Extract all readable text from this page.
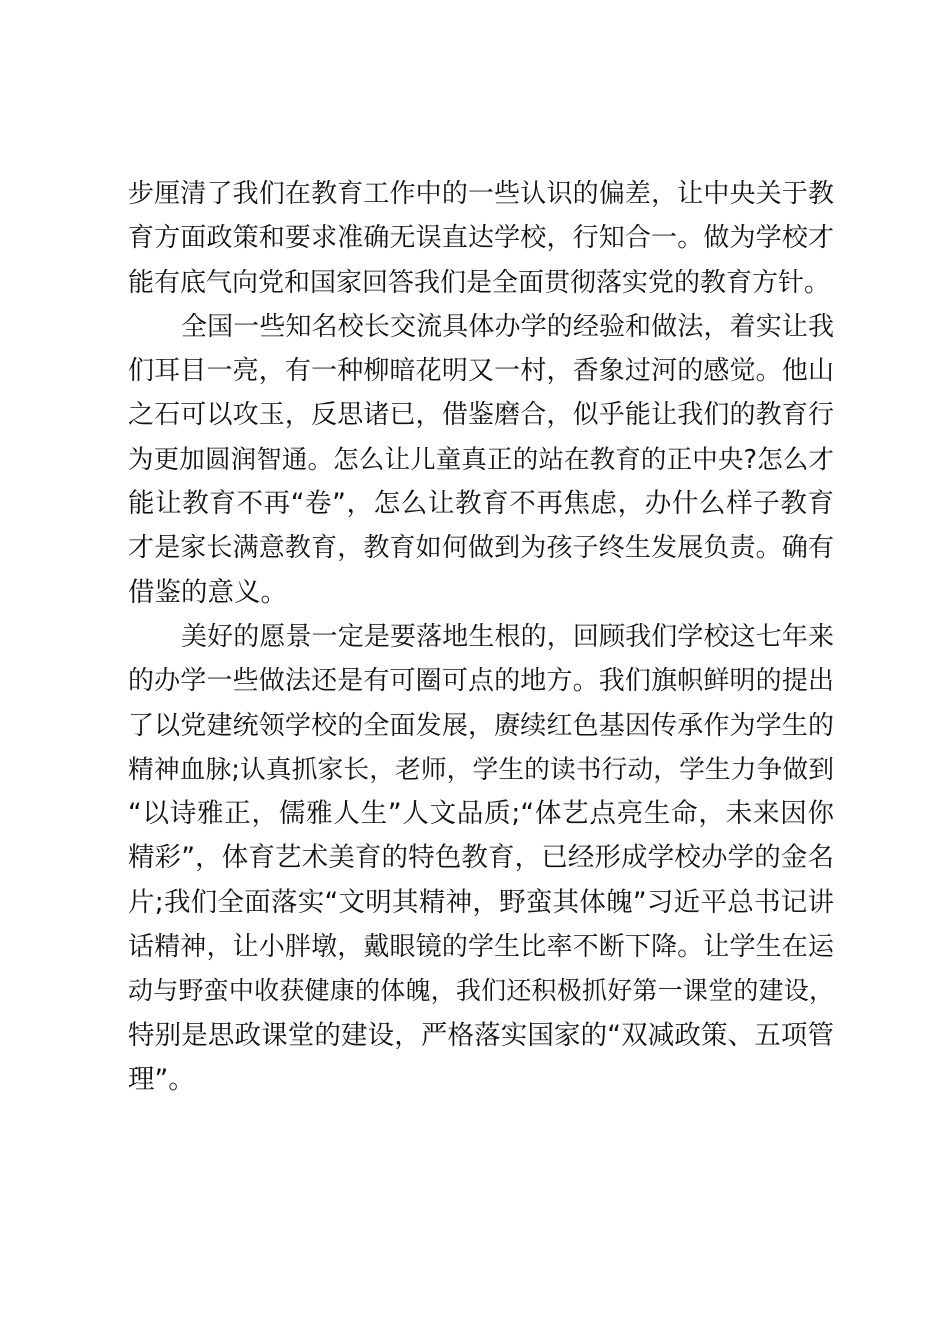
步厘清了我们在教育工作中的一些认识的偏差，让中央关于教
育方面政策和要求准确无误直达学校，行知合一。做为学校才
能有底气向党和国家回答我们是全面贯彻落实党的教育方针。
全国一些知名校长交流具体办学的经验和做法，着实让我
们耳目一亮，有一种柳暗花明又一村，香象过河的感觉。他山
之石可以攻玉，反思诸已，借鉴磨合，似乎能让我们的教育行
为更加圆润智通。怎么让儿童真正的站在教育的正中央?怎么才
能让教育不再“卷”，怎么让教育不再焦虑，办什么样子教育
才是家长满意教育，教育如何做到为孩子终生发展负责。确有
借鉴的意义。
美好的愿景一定是要落地生根的，回顾我们学校这七年来
的办学一些做法还是有可圈可点的地方。我们旗帜鲜明的提出
了以党建统领学校的全面发展，赓续红色基因传承作为学生的
精神血脉;认真抓家长，老师，学生的读书行动，学生力争做到
“以诗雅正，儒雅人生”人文品质;“体艺点亮生命，未来因你
精彩”，体育艺术美育的特色教育，已经形成学校办学的金名
片;我们全面落实“文明其精神，野蛮其体魄”习近平总书记讲
话精神，让小胖墩，戴眼镜的学生比率不断下降。让学生在运
动与野蛮中收获健康的体魄，我们还积极抓好第一课堂的建设，
特别是思政课堂的建设，严格落实国家的“双减政策、五项管
理”。
